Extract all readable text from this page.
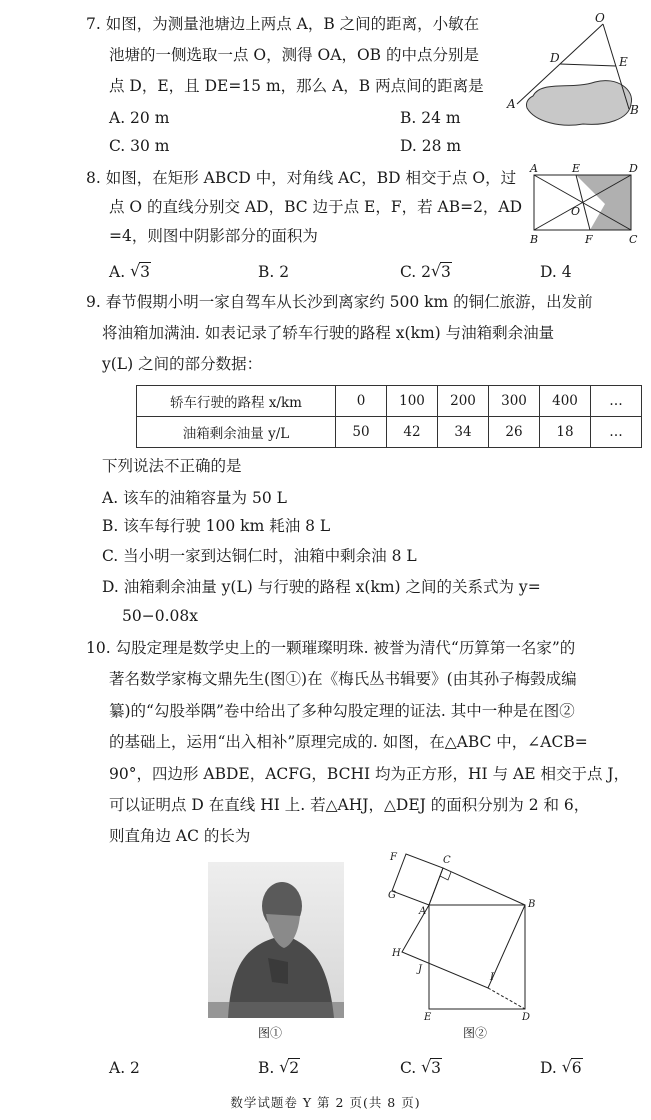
7. 如图，为测量池塘边上两点 A，B 之间的距离，小敏在
池塘的一侧选取一点 O，测得 OA，OB 的中点分别是
点 D，E，且 DE=15 m，那么 A，B 两点间的距离是
A. 20 m	B. 24 m
C. 30 m	D. 28 m
O
D	E
A	B
8. 如图，在矩形 ABCD 中，对角线 AC，BD 相交于点 O，过
点 O 的直线分别交 AD，BC 边于点 E，F，若 AB=2，AD
=4，则图中阴影部分的面积为
A. √ 3	B. 2	C. 2 √ 3	D. 4
A	E	D
O
B	F	C
9. 春节假期小明一家自驾车从长沙到离家约 500 km 的铜仁旅游，出发前
将油箱加满油. 如表记录了轿车行驶的路程 x(km) 与油箱剩余油量
y(L) 之间的部分数据：
轿车行驶的路程 x/km	0	100	200	300	400	…
油箱剩余油量 y/L	50	42	34	26	18	…
下列说法不正确的是
A. 该车的油箱容量为 50 L
B. 该车每行驶 100 km 耗油 8 L
C. 当小明一家到达铜仁时，油箱中剩余油 8 L
D. 油箱剩余油量 y(L) 与行驶的路程 x(km) 之间的关系式为 y=
50−0.08x
10. 勾股定理是数学史上的一颗璀璨明珠. 被誉为清代“历算第一名家”的
著名数学家梅文鼎先生(图①)在《梅氏丛书辑要》(由其孙子梅瑴成编
纂)的“勾股举隅”卷中给出了多种勾股定理的证法. 其中一种是在图②
的基础上，运用“出入相补”原理完成的. 如图，在△ABC 中，∠ACB=
90°，四边形 ABDE，ACFG，BCHI 均为正方形，HI 与 AE 相交于点 J，
可以证明点 D 在直线 HI 上. 若△AHJ，△DEJ 的面积分别为 2 和 6，
则直角边 AC 的长为
图①
F	C
G
A
B
H
J
I
E	D
图②
A. 2	B. √ 2	C. √ 3	D. √ 6
数学试题卷 Y 第 2 页(共 8 页)
